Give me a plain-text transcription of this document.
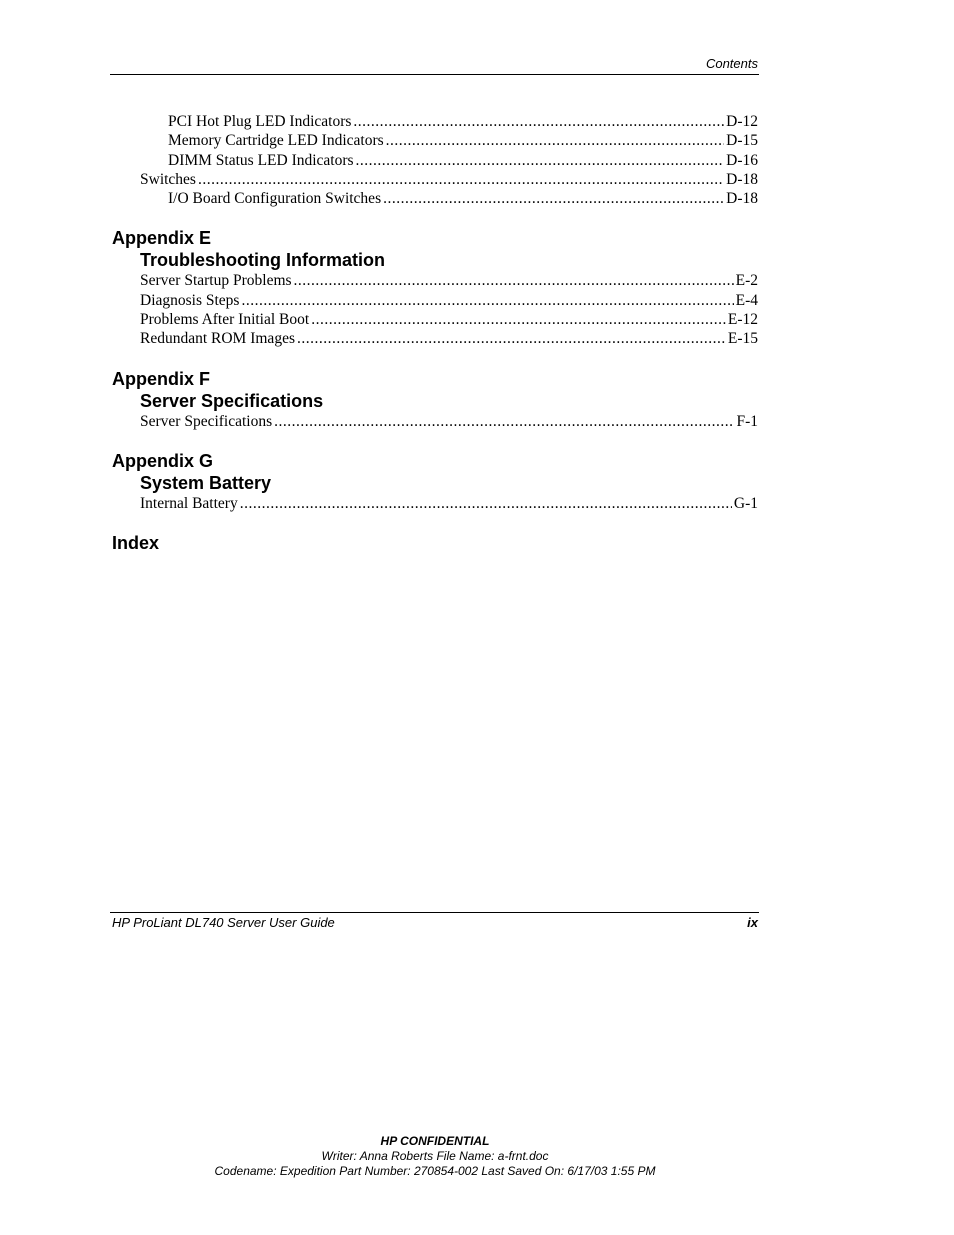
Contents
PCI Hot Plug LED Indicators .....	D-12
Memory Cartridge LED Indicators .....	D-15
DIMM Status LED Indicators .....	D-16
Switches .....	D-18
I/O Board Configuration Switches .....	D-18
Appendix E
Troubleshooting Information
Server Startup Problems .....	E-2
Diagnosis Steps .....	E-4
Problems After Initial Boot .....	E-12
Redundant ROM Images .....	E-15
Appendix F
Server Specifications
Server Specifications .....	F-1
Appendix G
System Battery
Internal Battery .....	G-1
Index
HP ProLiant DL740 Server User Guide	ix
HP CONFIDENTIAL
Writer: Anna Roberts File Name: a-frnt.doc
Codename: Expedition Part Number: 270854-002 Last Saved On: 6/17/03 1:55 PM
